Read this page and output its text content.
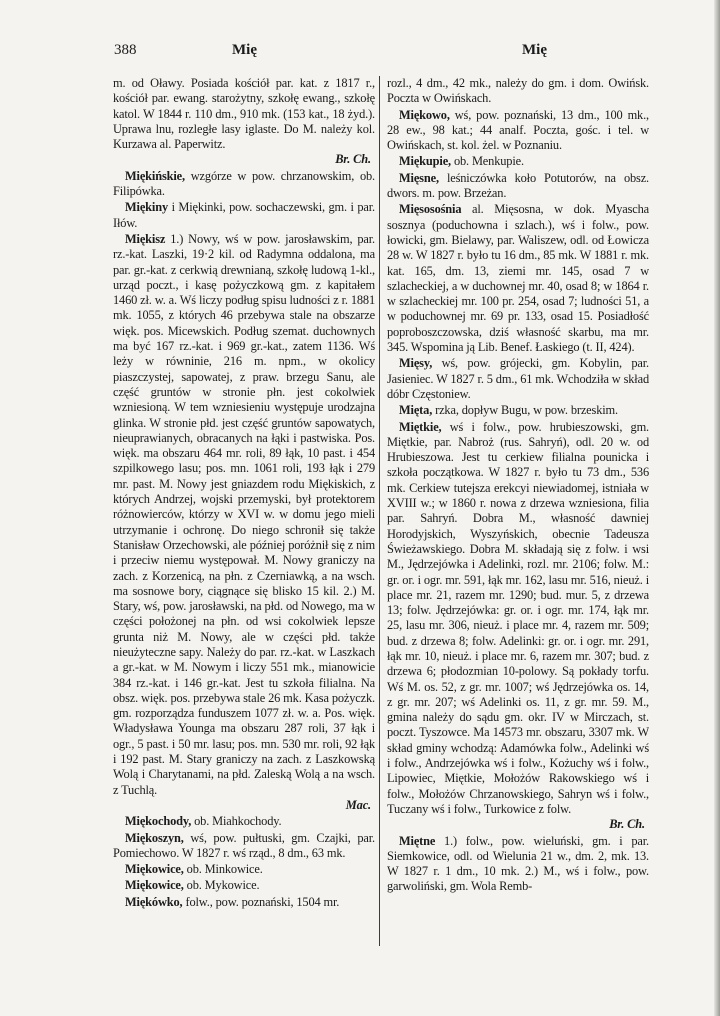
388	Mię	Mię

m. od Oławy. Posiada kościół par. kat. z 1817 r., kościół par. ewang. starożytny, szkołę ewang., szkołę katol. W 1844 r. 110 dm., 910 mk. (153 kat., 18 żyd.). Uprawa lnu, rozległe lasy iglaste. Do M. należy kol. Kurzawa al. Paperwitz.
Br. Ch.

Miękińskie, wzgórze w pow. chrzanowskim, ob. Filipówka.

Miękiny i Miękinki, pow. sochaczewski, gm. i par. Iłów.

Miękisz 1.) Nowy, wś w pow. jarosławskim, par. rz.-kat. Laszki, 19·2 kil. od Radymna oddalona, ma par. gr.-kat. z cerkwią drewnianą, szkołę ludową 1-kl., urząd poczt., i kasę pożyczkową gm. z kapitałem 1460 zł. w. a. Wś liczy podług spisu ludności z r. 1881 mk. 1055, z których 46 przebywa stale na obszarze więk. pos. Micewskich. Podług szemat. duchownych ma być 167 rz.-kat. i 969 gr.-kat., zatem 1136. Wś leży w równinie, 216 m. npm., w okolicy piaszczystej, sapowatej, z praw. brzegu Sanu, ale część gruntów w stronie płn. jest cokolwiek wzniesioną. W tem wzniesieniu występuje urodzajna glinka. W stronie płd. jest część gruntów sapowatych, nieuprawianych, obracanych na łąki i pastwiska. Pos. więk. ma obszaru 464 mr. roli, 89 łąk, 10 past. i 454 szpilkowego lasu; pos. mn. 1061 roli, 193 łąk i 279 mr. past. M. Nowy jest gniazdem rodu Miękiskich, z których Andrzej, wojski przemyski, był protektorem różnowierców, którzy w XVI w. w domu jego mieli utrzymanie i ochronę. Do niego schronił się także Stanisław Orzechowski, ale później poróżnił się z nim i przeciw niemu występował. M. Nowy graniczy na zach. z Korzenicą, na płn. z Czerniawką, a na wsch. ma sosnowe bory, ciągnące się blisko 15 kil. 2.) M. Stary, wś, pow. jarosławski, na płd. od Nowego, ma w części położonej na płn. od wsi cokolwiek lepsze grunta niż M. Nowy, ale w części płd. także nieużyteczne sapy. Należy do par. rz.-kat. w Laszkach a gr.-kat. w M. Nowym i liczy 551 mk., mianowicie 384 rz.-kat. i 146 gr.-kat. Jest tu szkoła filialna. Na obsz. więk. pos. przebywa stale 26 mk. Kasa pożyczk. gm. rozporządza funduszem 1077 zł. w. a. Pos. więk. Władysława Younga ma obszaru 287 roli, 37 łąk i ogr., 5 past. i 50 mr. lasu; pos. mn. 530 mr. roli, 92 łąk i 192 past. M. Stary graniczy na zach. z Laszkowską Wolą i Charytanami, na płd. Zaleską Wolą a na wsch. z Tuchlą.
Mac.

Miękochody, ob. Miahkochody.

Miękoszyn, wś, pow. pułtuski, gm. Czajki, par. Pomiechowo. W 1827 r. wś rząd., 8 dm., 63 mk.

Miękowice, ob. Minkowice.

Miękowice, ob. Mykowice.

Miękówko, folw., pow. poznański, 1504 mr.

rozl., 4 dm., 42 mk., należy do gm. i dom. Owińsk. Poczta w Owińskach.

Miękowo, wś, pow. poznański, 13 dm., 100 mk., 28 ew., 98 kat.; 44 analf. Poczta, gośc. i tel. w Owińskach, st. kol. żel. w Poznaniu.

Miękupie, ob. Menkupie.

Mięsne, leśniczówka koło Potutorów, na obsz. dwors. m. pow. Brzeżan.

Mięsosośnia al. Mięsosna, w dok. Myascha sosznya (poduchowna i szlach.), wś i folw., pow. łowicki, gm. Bielawy, par. Waliszew, odl. od Łowicza 28 w. W 1827 r. było tu 16 dm., 85 mk. W 1881 r. mk. kat. 165, dm. 13, ziemi mr. 145, osad 7 w szlacheckiej, a w duchownej mr. 40, osad 8; w 1864 r. w szlacheckiej mr. 100 pr. 254, osad 7; ludności 51, a w poduchownej mr. 69 pr. 133, osad 15. Posiadłość poproboszczowska, dziś własność skarbu, ma mr. 345. Wspomina ją Lib. Benef. Łaskiego (t. II, 424).

Mięsy, wś, pow. grójecki, gm. Kobylin, par. Jasieniec. W 1827 r. 5 dm., 61 mk. Wchodziła w skład dóbr Częstoniew.

Mięta, rzka, dopływ Bugu, w pow. brzeskim.

Miętkie, wś i folw., pow. hrubieszowski, gm. Miętkie, par. Nabroż (rus. Sahryń), odl. 20 w. od Hrubieszowa. Jest tu cerkiew filialna pounicka i szkoła początkowa. W 1827 r. było tu 73 dm., 536 mk. Cerkiew tutejsza erekcyi niewiadomej, istniała w XVIII w.; w 1860 r. nowa z drzewa wzniesiona, filia par. Sahryń. Dobra M., własność dawniej Horodyjskich, Wyszyńskich, obecnie Tadeusza Świeżawskiego. Dobra M. składają się z folw. i wsi M., Jędrzejówka i Adelinki, rozl. mr. 2106; folw. M.: gr. or. i ogr. mr. 591, łąk mr. 162, lasu mr. 516, nieuż. i place mr. 21, razem mr. 1290; bud. mur. 5, z drzewa 13; folw. Jędrzejówka: gr. or. i ogr. mr. 174, łąk mr. 25, lasu mr. 306, nieuż. i place mr. 4, razem mr. 509; bud. z drzewa 8; folw. Adelinki: gr. or. i ogr. mr. 291, łąk mr. 10, nieuż. i place mr. 6, razem mr. 307; bud. z drzewa 6; płodozmian 10-polowy. Są pokłady torfu. Wś M. os. 52, z gr. mr. 1007; wś Jędrzejówka os. 14, z gr. mr. 207; wś Adelinki os. 11, z gr. mr. 59. M., gmina należy do sądu gm. okr. IV w Mirczach, st. poczt. Tyszowce. Ma 14573 mr. obszaru, 3307 mk. W skład gminy wchodzą: Adamówka folw., Adelinki wś i folw., Andrzejówka wś i folw., Kożuchy wś i folw., Lipowiec, Miętkie, Mołożów Rakowskiego wś i folw., Mołożów Chrzanowskiego, Sahryn wś i folw., Tuczany wś i folw., Turkowice z folw.
Br. Ch.

Miętne 1.) folw., pow. wieluński, gm. i par. Siemkowice, odl. od Wielunia 21 w., dm. 2, mk. 13. W 1827 r. 1 dm., 10 mk. 2.) M., wś i folw., pow. garwoliński, gm. Wola Remb-
